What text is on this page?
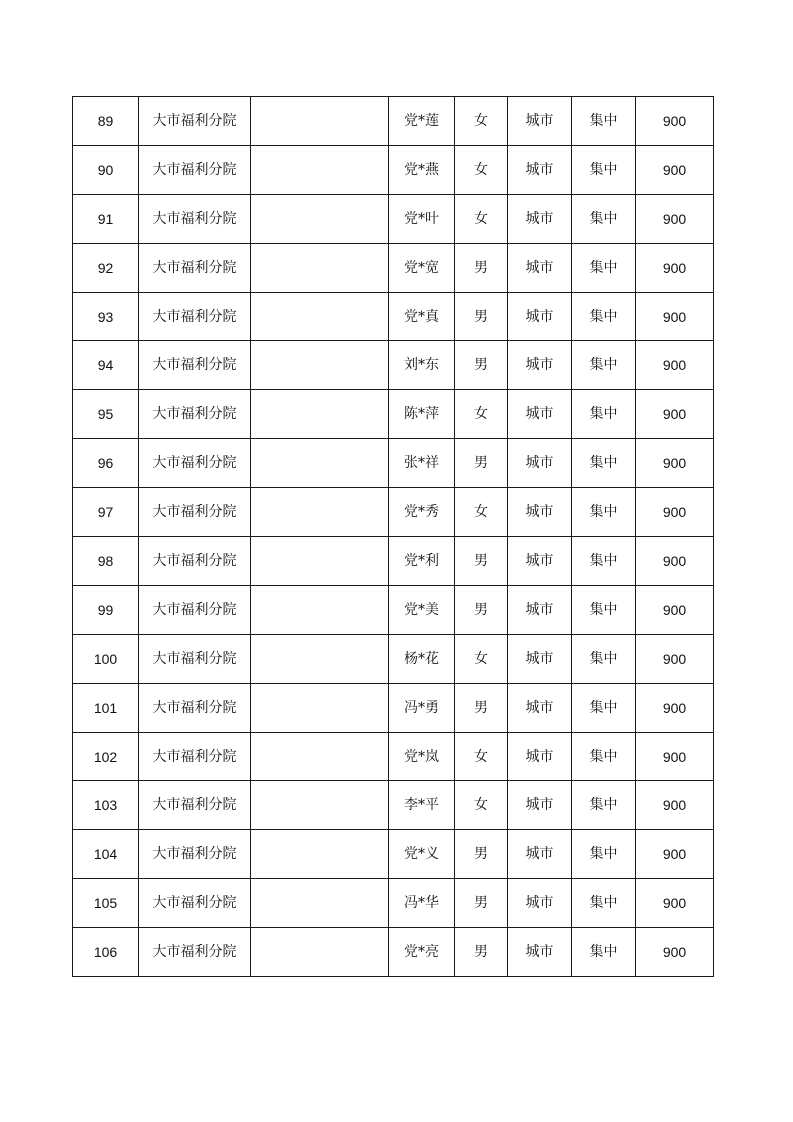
89	大市福利分院		党*莲	女	城市	集中	900
90	大市福利分院		党*燕	女	城市	集中	900
91	大市福利分院		党*叶	女	城市	集中	900
92	大市福利分院		党*宽	男	城市	集中	900
93	大市福利分院		党*真	男	城市	集中	900
94	大市福利分院		刘*东	男	城市	集中	900
95	大市福利分院		陈*萍	女	城市	集中	900
96	大市福利分院		张*祥	男	城市	集中	900
97	大市福利分院		党*秀	女	城市	集中	900
98	大市福利分院		党*利	男	城市	集中	900
99	大市福利分院		党*美	男	城市	集中	900
100	大市福利分院		杨*花	女	城市	集中	900
101	大市福利分院		冯*勇	男	城市	集中	900
102	大市福利分院		党*岚	女	城市	集中	900
103	大市福利分院		李*平	女	城市	集中	900
104	大市福利分院		党*义	男	城市	集中	900
105	大市福利分院		冯*华	男	城市	集中	900
106	大市福利分院		党*亮	男	城市	集中	900
